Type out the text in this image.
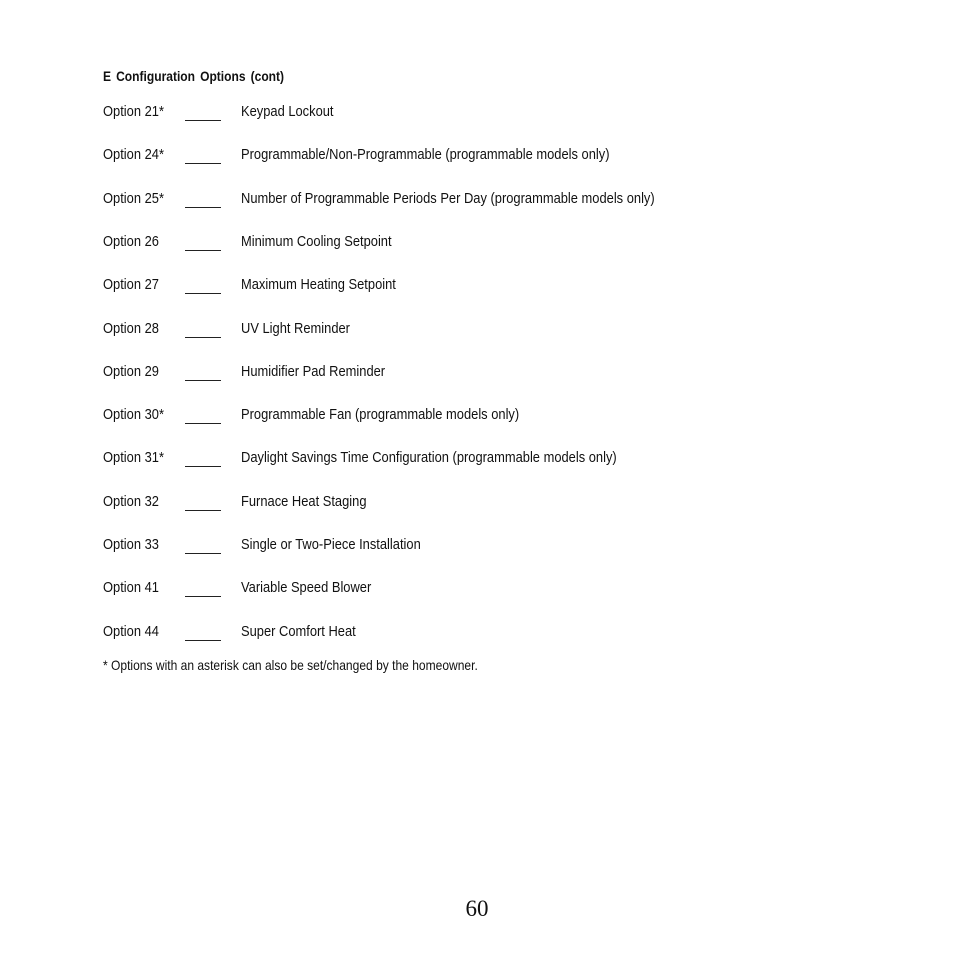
E Configuration Options (cont)
Option 21*	Keypad Lockout
Option 24*	Programmable/Non-Programmable (programmable models only)
Option 25*	Number of Programmable Periods Per Day (programmable models only)
Option 26	Minimum Cooling Setpoint
Option 27	Maximum Heating Setpoint
Option 28	UV Light Reminder
Option 29	Humidifier Pad Reminder
Option 30*	Programmable Fan (programmable models only)
Option 31*	Daylight Savings Time Configuration (programmable models only)
Option 32	Furnace Heat Staging
Option 33	Single or Two-Piece Installation
Option 41	Variable Speed Blower
Option 44	Super Comfort Heat
* Options with an asterisk can also be set/changed by the homeowner.
60
